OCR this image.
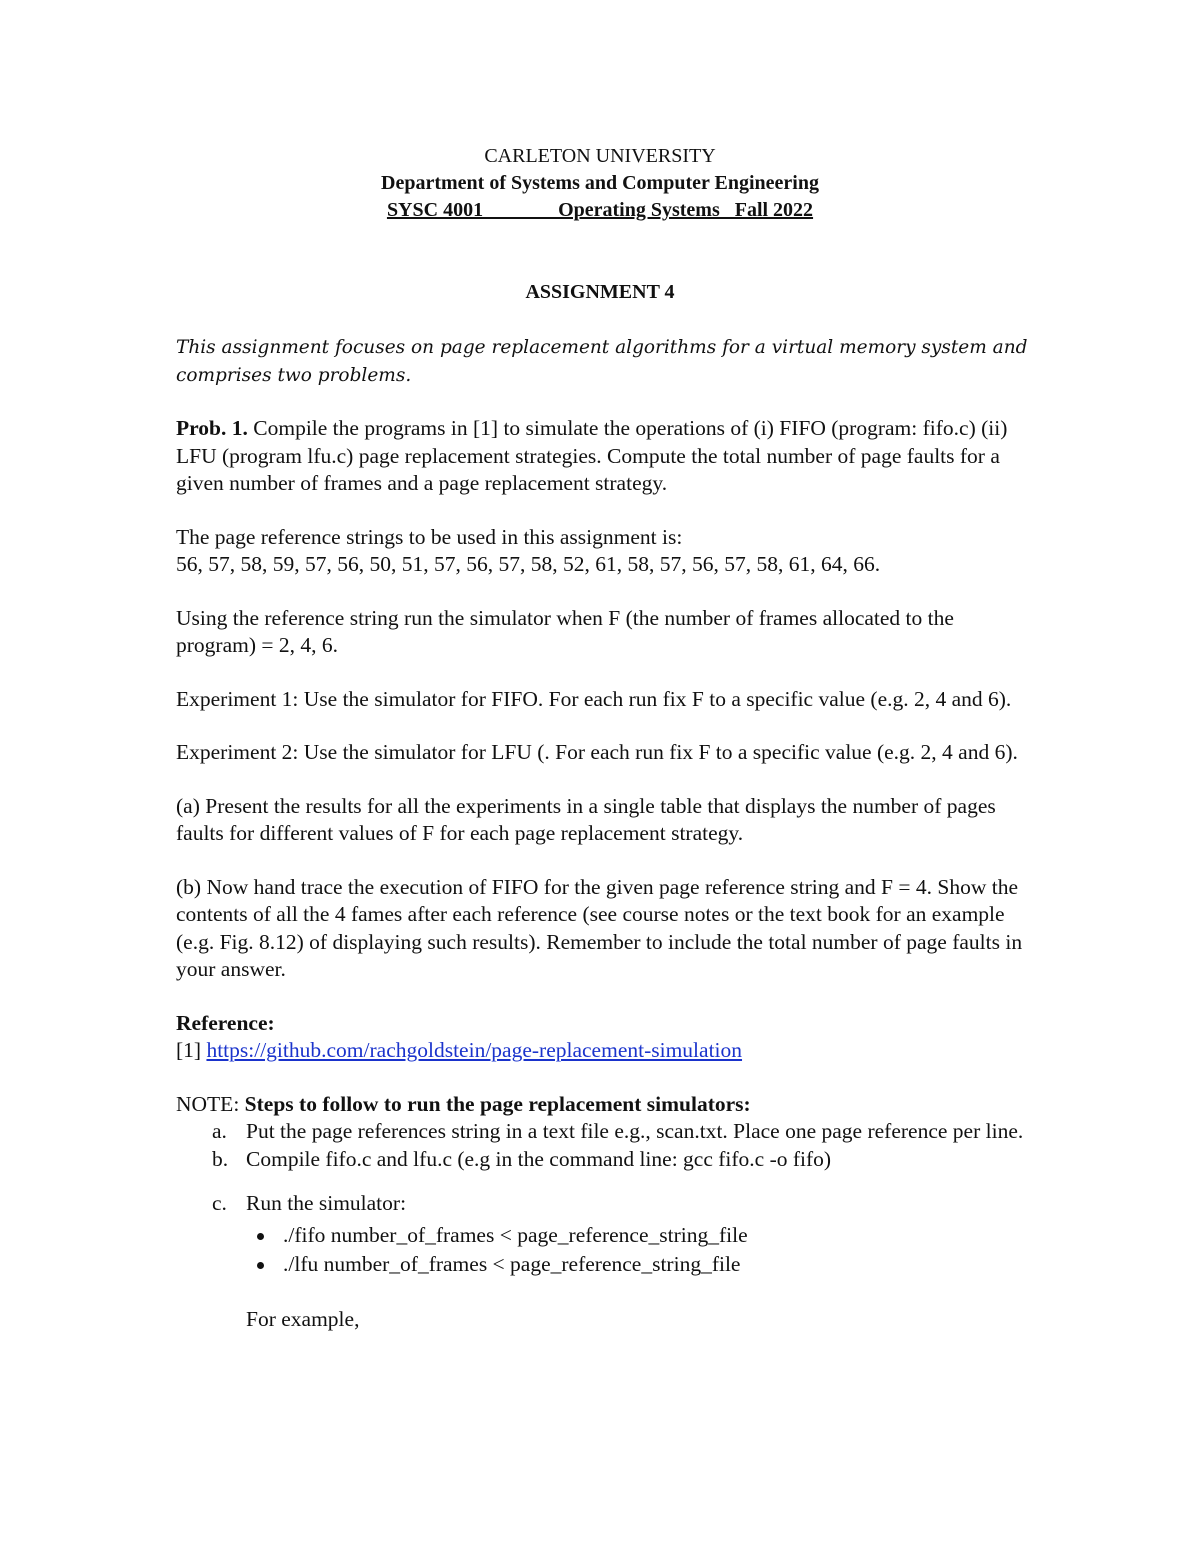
CARLETON UNIVERSITY
Department of Systems and Computer Engineering
SYSC 4001               Operating Systems   Fall 2022
ASSIGNMENT 4

This assignment focuses on page replacement algorithms for a virtual memory system and comprises two problems.

Prob. 1. Compile the programs in [1] to simulate the operations of (i) FIFO (program: fifo.c) (ii) LFU (program lfu.c) page replacement strategies. Compute the total number of page faults for a given number of frames and a page replacement strategy.

The page reference strings to be used in this assignment is:
56, 57, 58, 59, 57, 56, 50, 51, 57, 56, 57, 58, 52, 61, 58, 57, 56, 57, 58, 61, 64, 66.

Using the reference string run the simulator when F (the number of frames allocated to the program) = 2, 4, 6.

Experiment 1: Use the simulator for FIFO. For each run fix F to a specific value (e.g. 2, 4 and 6).

Experiment 2: Use the simulator for LFU (. For each run fix F to a specific value (e.g. 2, 4 and 6).

(a) Present the results for all the experiments in a single table that displays the number of pages faults for different values of F for each page replacement strategy.

(b) Now hand trace the execution of FIFO for the given page reference string and F = 4. Show the contents of all the 4 fames after each reference (see course notes or the text book for an example (e.g. Fig. 8.12) of displaying such results). Remember to include the total number of page faults in your answer.

Reference:
[1] https://github.com/rachgoldstein/page-replacement-simulation

NOTE: Steps to follow to run the page replacement simulators:
a. Put the page references string in a text file e.g., scan.txt. Place one page reference per line.
b. Compile fifo.c and lfu.c (e.g in the command line: gcc fifo.c -o fifo)
c. Run the simulator:
./fifo number_of_frames < page_reference_string_file
./lfu number_of_frames < page_reference_string_file
For example,
